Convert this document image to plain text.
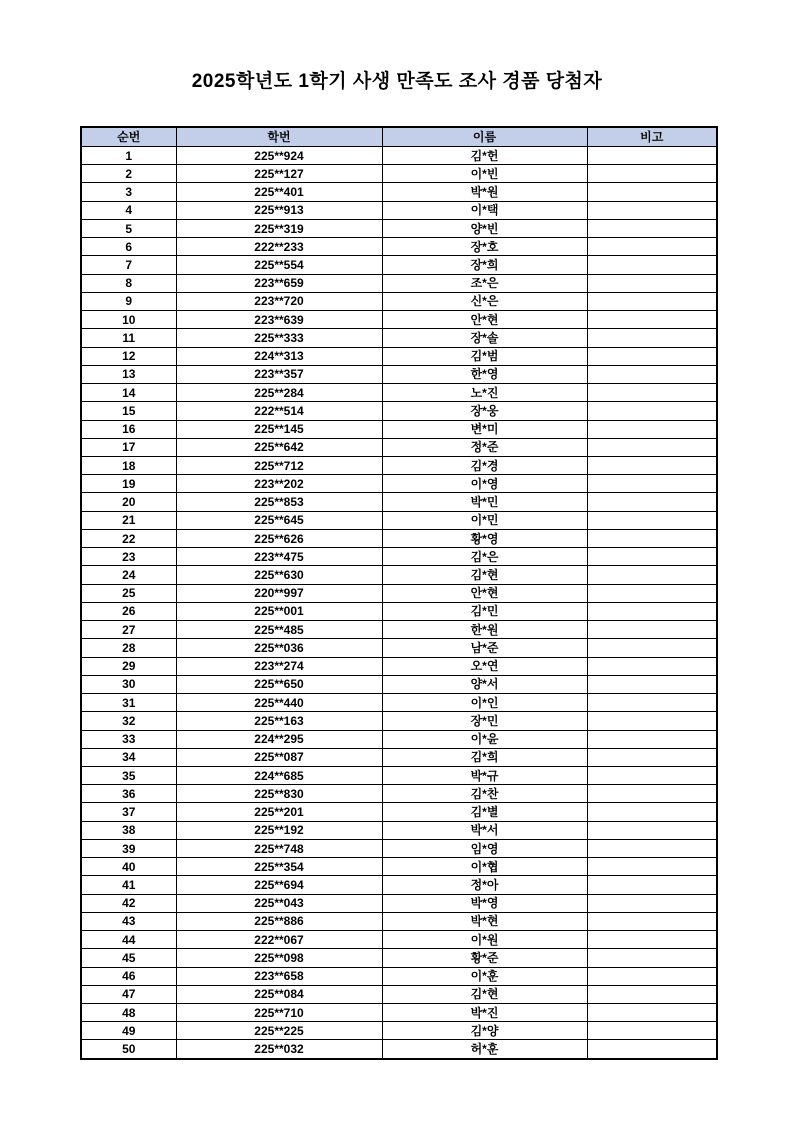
2025학년도 1학기 사생 만족도 조사 경품 당첨자
순번	학번	이름	비고
1	225**924	김*헌	
2	225**127	이*빈	
3	225**401	박*원	
4	225**913	이*택	
5	225**319	양*빈	
6	222**233	장*호	
7	225**554	장*희	
8	223**659	조*은	
9	223**720	신*은	
10	223**639	안*현	
11	225**333	장*솔	
12	224**313	김*범	
13	223**357	한*영	
14	225**284	노*진	
15	222**514	장*웅	
16	225**145	변*미	
17	225**642	정*준	
18	225**712	김*경	
19	223**202	이*영	
20	225**853	박*민	
21	225**645	이*민	
22	225**626	황*영	
23	223**475	김*은	
24	225**630	김*현	
25	220**997	안*현	
26	225**001	김*민	
27	225**485	한*원	
28	225**036	남*준	
29	223**274	오*연	
30	225**650	양*서	
31	225**440	이*인	
32	225**163	장*민	
33	224**295	이*윤	
34	225**087	김*희	
35	224**685	박*규	
36	225**830	김*찬	
37	225**201	김*별	
38	225**192	박*서	
39	225**748	임*영	
40	225**354	이*협	
41	225**694	정*아	
42	225**043	박*영	
43	225**886	박*현	
44	222**067	이*원	
45	225**098	황*준	
46	223**658	이*훈	
47	225**084	김*현	
48	225**710	박*진	
49	225**225	김*양	
50	225**032	허*훈	
